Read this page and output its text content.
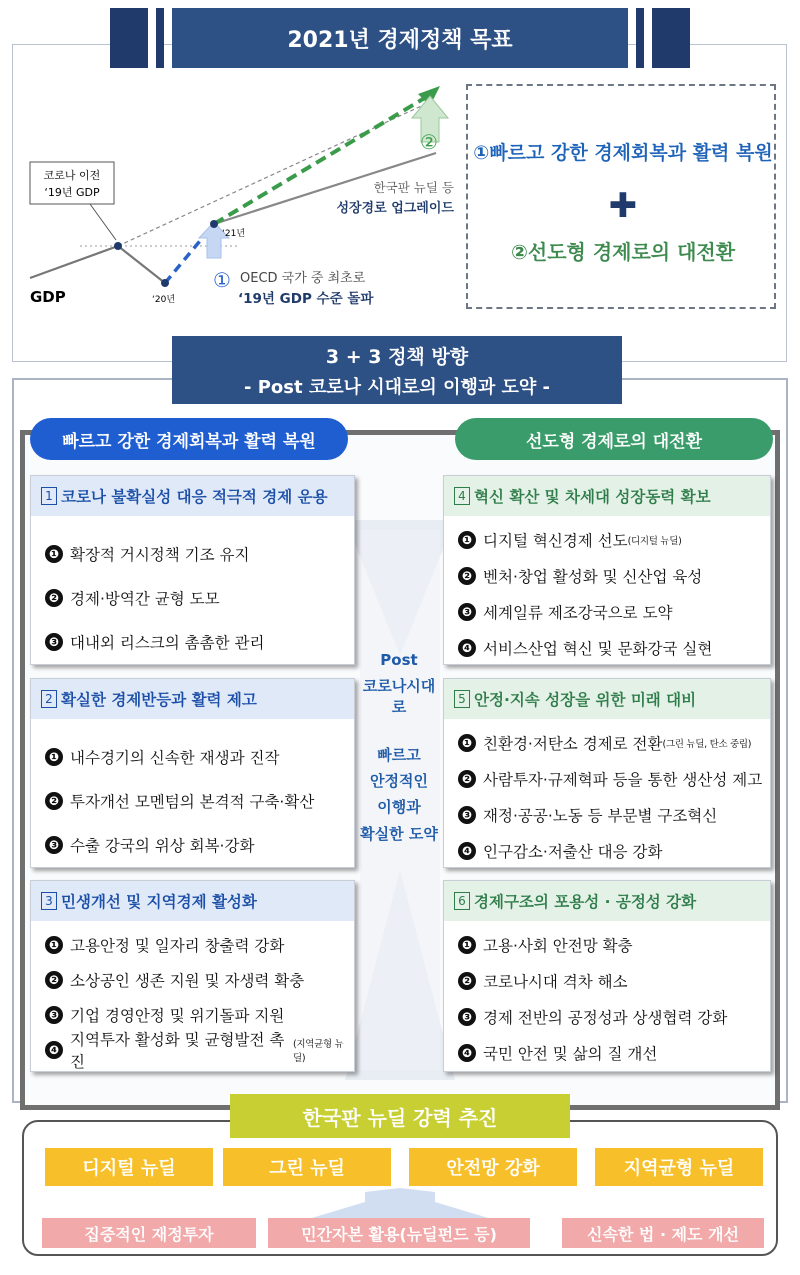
2021년 경제정책 목표
코로나 이전
‘19년 GDP
GDP	‘20년
‘21년
한국판 뉴딜 등
성장경로 업그레이드
① OECD 국가 중 최초로
‘19년 GDP 수준 돌파
② ①빠르고 강한 경제회복과 활력 복원
✚
②선도형 경제로의 대전환
3 + 3 정책 방향
- Post 코로나 시대로의 이행과 도약 -
빠르고 강한 경제회복과 활력 복원	선도형 경제로의 대전환
Post
코로나시대로
빠르고
안정적인
이행과
확실한 도약
1 코로나 불확실성 대응 적극적 경제 운용
❶ 확장적 거시정책 기조 유지
❷ 경제·방역간 균형 도모
❸ 대내외 리스크의 촘촘한 관리
2 확실한 경제반등과 활력 제고
❶ 내수경기의 신속한 재생과 진작
❷ 투자개선 모멘텀의 본격적 구축·확산
❸ 수출 강국의 위상 회복·강화
3 민생개선 및 지역경제 활성화
❶ 고용안정 및 일자리 창출력 강화
❷ 소상공인 생존 지원 및 자생력 확충
❸ 기업 경영안정 및 위기돌파 지원
❹
지역투자 활성화 및 균형발전 촉진
(지역균형 뉴딜)
4 혁신 확산 및 차세대 성장동력 확보
❶ 디지털 혁신경제 선도 (디지털 뉴딜)
❷ 벤처·창업 활성화 및 신산업 육성
❸ 세계일류 제조강국으로 도약
❹ 서비스산업 혁신 및 문화강국 실현
5 안정·지속 성장을 위한 미래 대비
❶ 친환경·저탄소 경제로 전환 (그린 뉴딜, 탄소 중립)
❷ 사람투자·규제혁파 등을 통한 생산성 제고
❸ 재정·공공·노동 등 부문별 구조혁신
❹ 인구감소·저출산 대응 강화
6 경제구조의 포용성 · 공정성 강화
❶ 고용·사회 안전망 확충
❷ 코로나시대 격차 해소
❸ 경제 전반의 공정성과 상생협력 강화
❹ 국민 안전 및 삶의 질 개선
한국판 뉴딜 강력 추진
디지털 뉴딜	그린 뉴딜	안전망 강화	지역균형 뉴딜
집중적인 재정투자	민간자본 활용(뉴딜펀드 등)	신속한 법 · 제도 개선
